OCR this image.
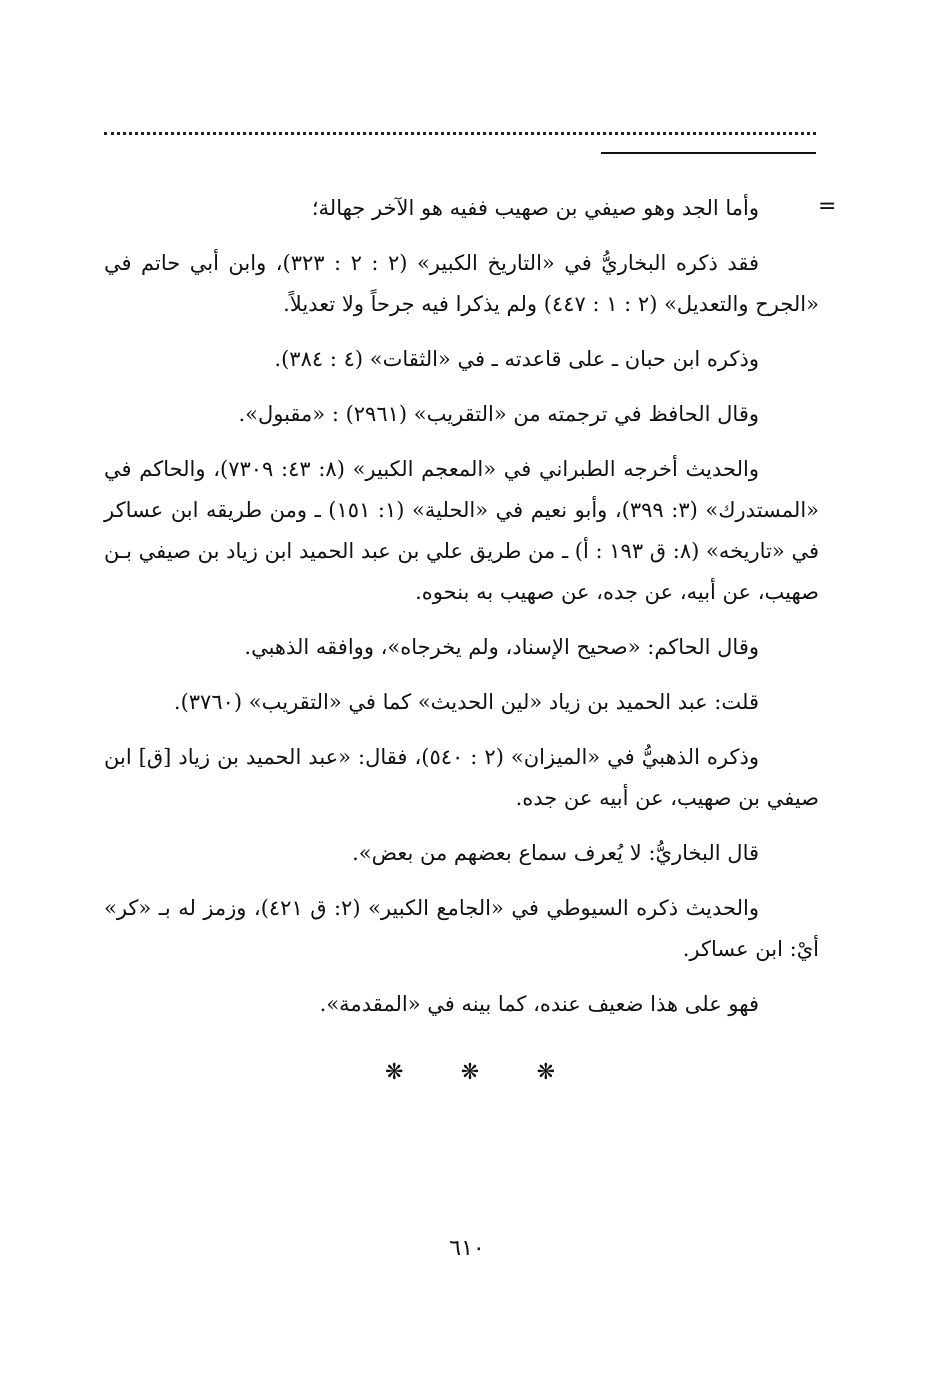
=

وأما الجد وهو صيفي بن صهيب ففيه هو الآخر جهالة؛

فقد ذكره البخاريُّ في «التاريخ الكبير» (٢ : ٢ : ٣٢٣)، وابن أبي حاتم في «الجرح والتعديل» (٢ : ١ : ٤٤٧) ولم يذكرا فيه جرحاً ولا تعديلاً.

وذكره ابن حبان ـ على قاعدته ـ في «الثقات» (٤ : ٣٨٤).

وقال الحافظ في ترجمته من «التقريب» (٢٩٦١) : «مقبول».

والحديث أخرجه الطبراني في «المعجم الكبير» (٨: ٤٣: ٧٣٠٩)، والحاكم في «المستدرك» (٣: ٣٩٩)، وأبو نعيم في «الحلية» (١: ١٥١) ـ ومن طريقه ابن عساكر في «تاريخه» (٨: ق ١٩٣ : أ) ـ من طريق علي بن عبد الحميد ابن زياد بن صيفي بـن صهيب، عن أبيه، عن جده، عن صهيب به بنحوه.

وقال الحاكم: «صحيح الإسناد، ولم يخرجاه»، ووافقه الذهبي.

قلت: عبد الحميد بن زياد «لين الحديث» كما في «التقريب» (٣٧٦٠).

وذكره الذهبيُّ في «الميزان» (٢ : ٥٤٠)، فقال: «عبد الحميد بن زياد [ق] ابن صيفي بن صهيب، عن أبيه عن جده.

قال البخاريُّ: لا يُعرف سماع بعضهم من بعض».

والحديث ذكره السيوطي في «الجامع الكبير» (٢: ق ٤٢١)، وزمز له بـ «كر» أيْ: ابن عساكر.

فهو على هذا ضعيف عنده، كما بينه في «المقدمة».

❋	❋	❋
٦١٠
